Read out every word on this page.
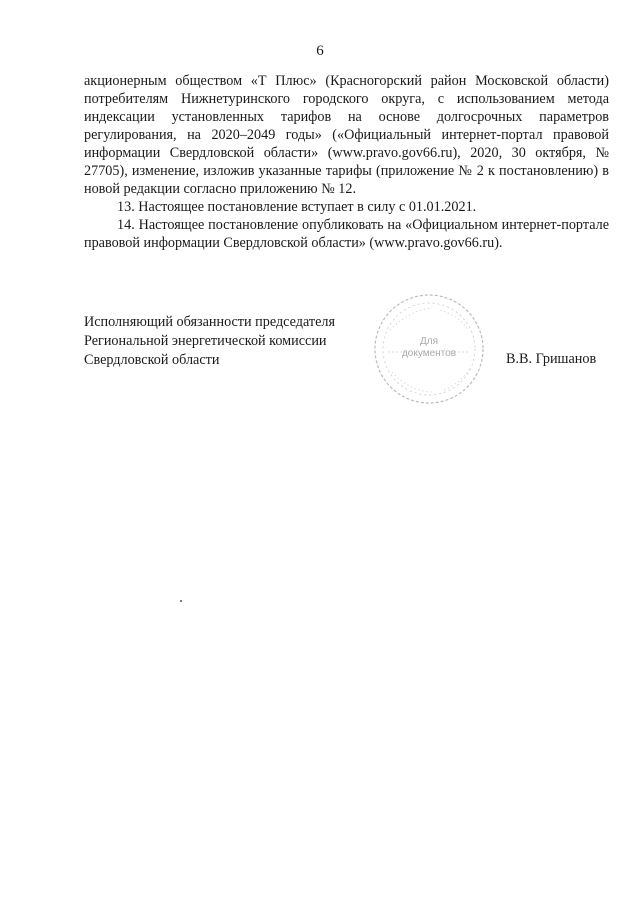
6

акционерным обществом «Т Плюс» (Красногорский район Московской области) потребителям Нижнетуринского городского округа, с использованием метода индексации установленных тарифов на основе долгосрочных параметров регулирования, на 2020–2049 годы» («Официальный интернет-портал правовой информации Свердловской области» (www.pravo.gov66.ru), 2020, 30 октября, № 27705), изменение, изложив указанные тарифы (приложение № 2 к постановлению) в новой редакции согласно приложению № 12.

13. Настоящее постановление вступает в силу с 01.01.2021.

14. Настоящее постановление опубликовать на «Официальном интернет-портале правовой информации Свердловской области» (www.pravo.gov66.ru).

Исполняющий обязанности председателя
Региональной энергетической комиссии
Свердловской области
Для
документов	В.В. Гришанов
